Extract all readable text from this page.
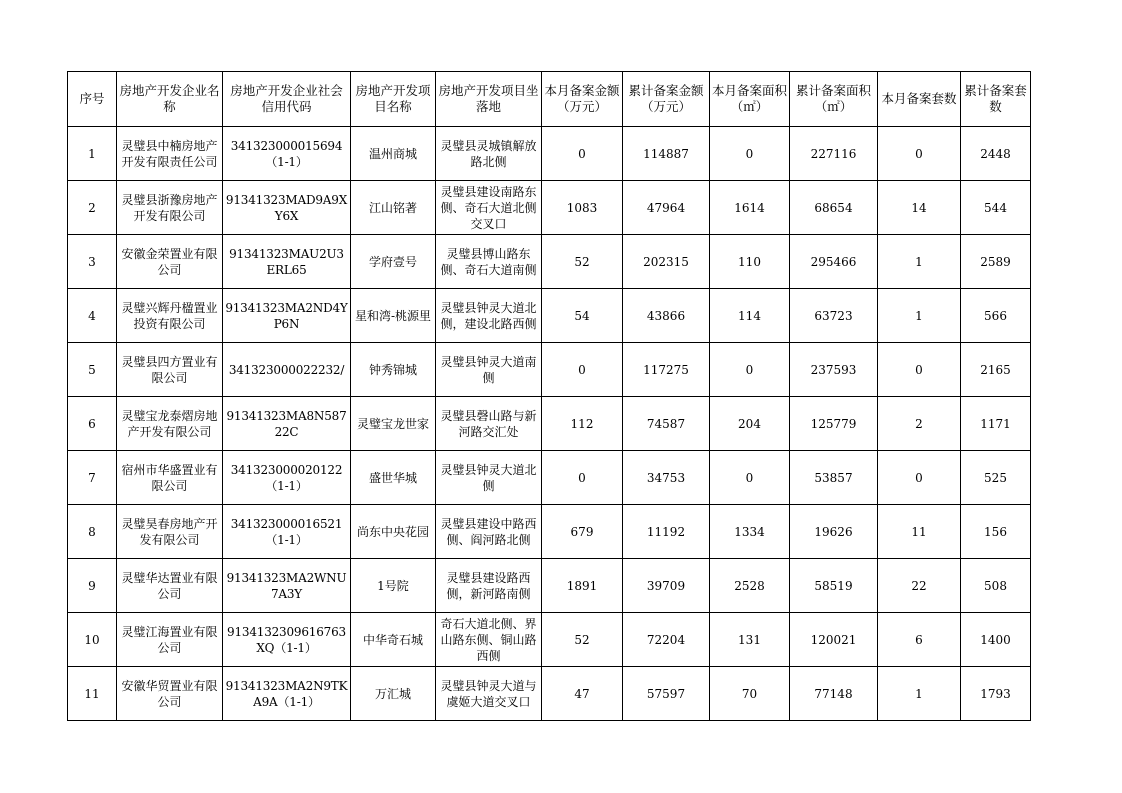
序号	房地产开发企业名称	房地产开发企业社会信用代码	房地产开发项目名称	房地产开发项目坐落地	本月备案金额（万元）	累计备案金额（万元）	本月备案面积（㎡）	累计备案面积（㎡）	本月备案套数	累计备案套数
1	灵璧县中楠房地产开发有限责任公司	341323000015694（1-1）	温州商城	灵璧县灵城镇解放路北侧	0	114887	0	227116	0	2448
2	灵璧县浙豫房地产开发有限公司	91341323MAD9A9XY6X	江山铭著	灵璧县建设南路东侧、奇石大道北侧交叉口	1083	47964	1614	68654	14	544
3	安徽金荣置业有限公司	91341323MAU2U3ERL65	学府壹号	灵璧县博山路东侧、奇石大道南侧	52	202315	110	295466	1	2589
4	灵璧兴辉丹楹置业投资有限公司	91341323MA2ND4YP6N	星和湾-桃源里	灵璧县钟灵大道北侧，建设北路西侧	54	43866	114	63723	1	566
5	灵璧县四方置业有限公司	341323000022232/	钟秀锦城	灵璧县钟灵大道南侧	0	117275	0	237593	0	2165
6	灵璧宝龙泰熠房地产开发有限公司	91341323MA8N58722C	灵璧宝龙世家	灵璧县磬山路与新河路交汇处	112	74587	204	125779	2	1171
7	宿州市华盛置业有限公司	341323000020122（1-1）	盛世华城	灵璧县钟灵大道北侧	0	34753	0	53857	0	525
8	灵璧昊春房地产开发有限公司	341323000016521（1-1）	尚东中央花园	灵璧县建设中路西侧、阎河路北侧	679	11192	1334	19626	11	156
9	灵璧华达置业有限公司	91341323MA2WNU7A3Y	1号院	灵璧县建设路西侧，新河路南侧	1891	39709	2528	58519	22	508
10	灵璧江海置业有限公司	9134132309616763XQ（1-1）	中华奇石城	奇石大道北侧、界山路东侧、铜山路西侧	52	72204	131	120021	6	1400
11	安徽华贸置业有限公司	91341323MA2N9TKA9A（1-1）	万汇城	灵璧县钟灵大道与虞姬大道交叉口	47	57597	70	77148	1	1793
